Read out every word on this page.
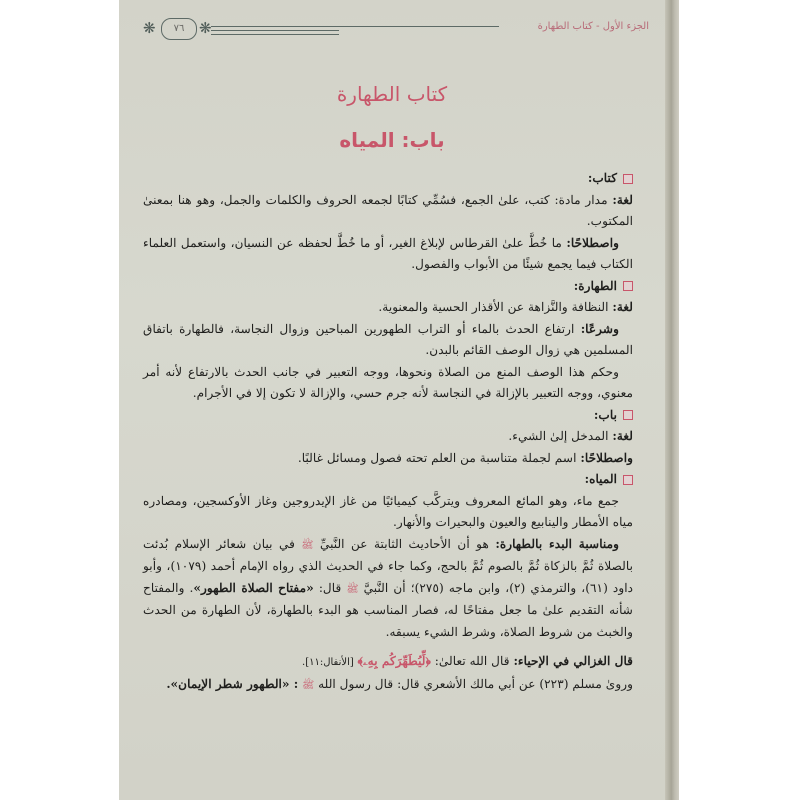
الجزء الأول - كتاب الطهارة
❋	٧٦ ❋
كتاب الطهارة
باب: المياه

كتاب:

لغة: مدار مادة: كتب، علىٰ الجمع، فسُمِّي كتابًا لجمعه الحروف والكلمات والجمل، وهو هنا بمعنىٰ المكتوب.

واصطلاحًا: ما خُطَّ علىٰ القرطاس لإبلاغ الغير، أو ما خُطَّ لحفظه عن النسيان، واستعمل العلماء الكتاب فيما يجمع شيئًا من الأبواب والفصول.

الطهارة:

لغة: النظافة والنَّزاهة عن الأقذار الحسية والمعنوية.

وشرعًا: ارتفاع الحدث بالماء أو التراب الطهورين المباحين وزوال النجاسة، فالطهارة باتفاق المسلمين هي زوال الوصف القائم بالبدن.

وحكم هذا الوصف المنع من الصلاة ونحوها، ووجه التعبير في جانب الحدث بالارتفاع لأنه أمر معنوي، ووجه التعبير بالإزالة في النجاسة لأنه جرم حسي، والإزالة لا تكون إلا في الأجرام.

باب:

لغة: المدخل إلىٰ الشيء.

واصطلاحًا: اسم لجملة متناسبة من العلم تحته فصول ومسائل غالبًا.

المياه:

جمع ماء، وهو المائع المعروف ويتركَّب كيميائيًا من غاز الإيدروجين وغاز الأوكسجين، ومصادره مياه الأمطار والينابيع والعيون والبحيرات والأنهار.

ومناسبة البدء بالطهارة: هو أن الأحاديث الثابتة عن النَّبيِّ ﷺ في بيان شعائر الإسلام بُدئت بالصلاة ثُمَّ بالزكاة ثُمَّ بالصوم ثُمَّ بالحج، وكما جاء في الحديث الذي رواه الإمام أحمد (١٠٧٩)، وأبو داود (٦١)، والترمذي (٢)، وابن ماجه (٢٧٥)؛ أن النَّبيَّ ﷺ قال: «مفتاح الصلاة الطهور». والمفتاح شأنه التقديم علىٰ ما جعل مفتاحًا له، فصار المناسب هو البدء بالطهارة، لأن الطهارة من الحدث والخبث من شروط الصلاة، وشرط الشيء يسبقه.

قال الغزالي في الإحياء: قال الله تعالىٰ: ﴿لِّيُطَهِّرَكُم بِهِۦ﴾ [الأنفال:١١].

وروىٰ مسلم (٢٢٣) عن أبي مالك الأشعري قال: قال رسول الله ﷺ : «الطهور شطر الإيمان».
